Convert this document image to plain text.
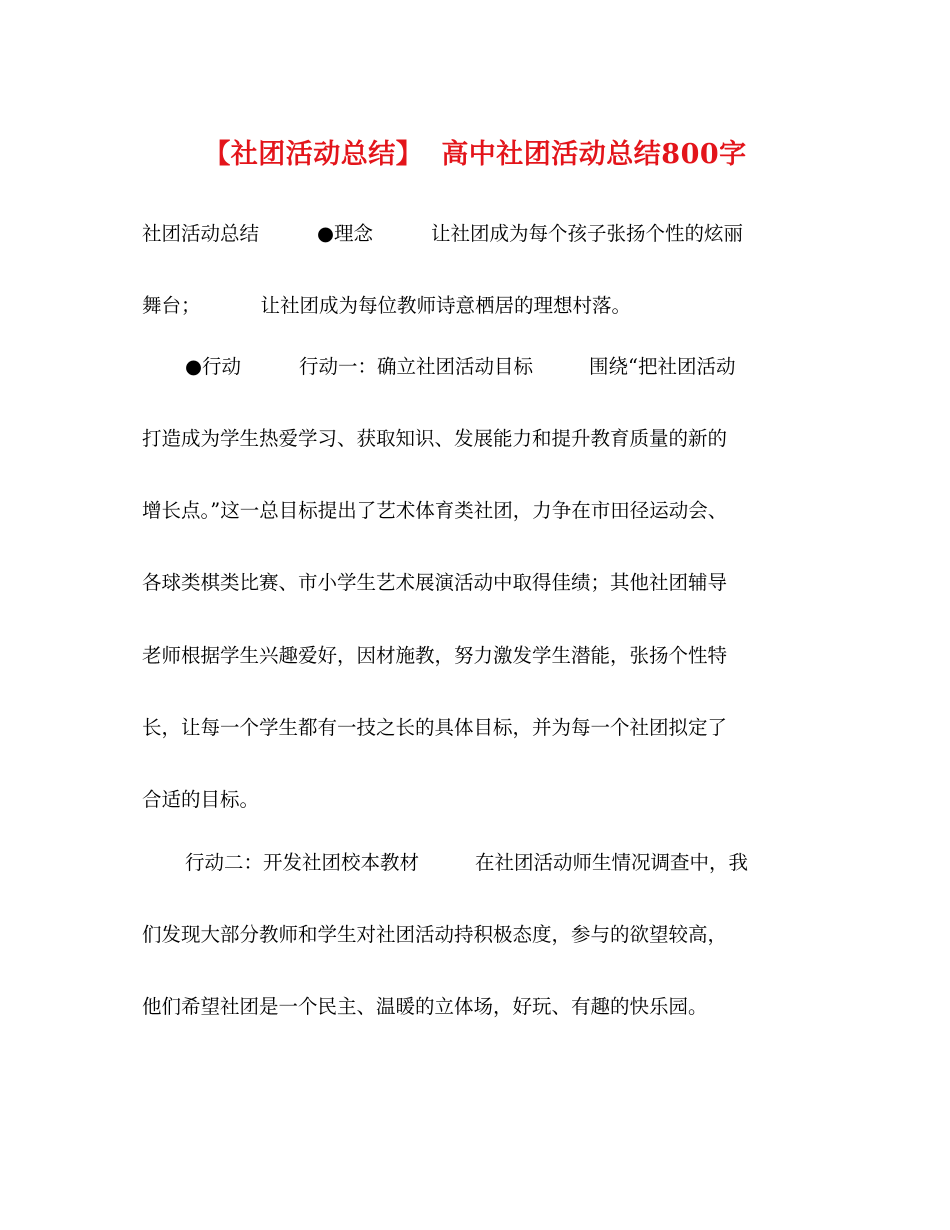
【社团活动总结】 高中社团活动总结800字
社团活动总结	●理念	让社团成为每个孩子张扬个性的炫丽
舞台；	让社团成为每位教师诗意栖居的理想村落。
●行动	行动一：确立社团活动目标	围绕“把社团活动
打造成为学生热爱学习、获取知识、发展能力和提升教育质量的新的
增长点。”这一总目标提出了艺术体育类社团，力争在市田径运动会、
各球类棋类比赛、市小学生艺术展演活动中取得佳绩；其他社团辅导
老师根据学生兴趣爱好，因材施教，努力激发学生潜能，张扬个性特
长，让每一个学生都有一技之长的具体目标，并为每一个社团拟定了
合适的目标。
行动二：开发社团校本教材	在社团活动师生情况调查中，我
们发现大部分教师和学生对社团活动持积极态度，参与的欲望较高，
他们希望社团是一个民主、温暖的立体场，好玩、有趣的快乐园。
